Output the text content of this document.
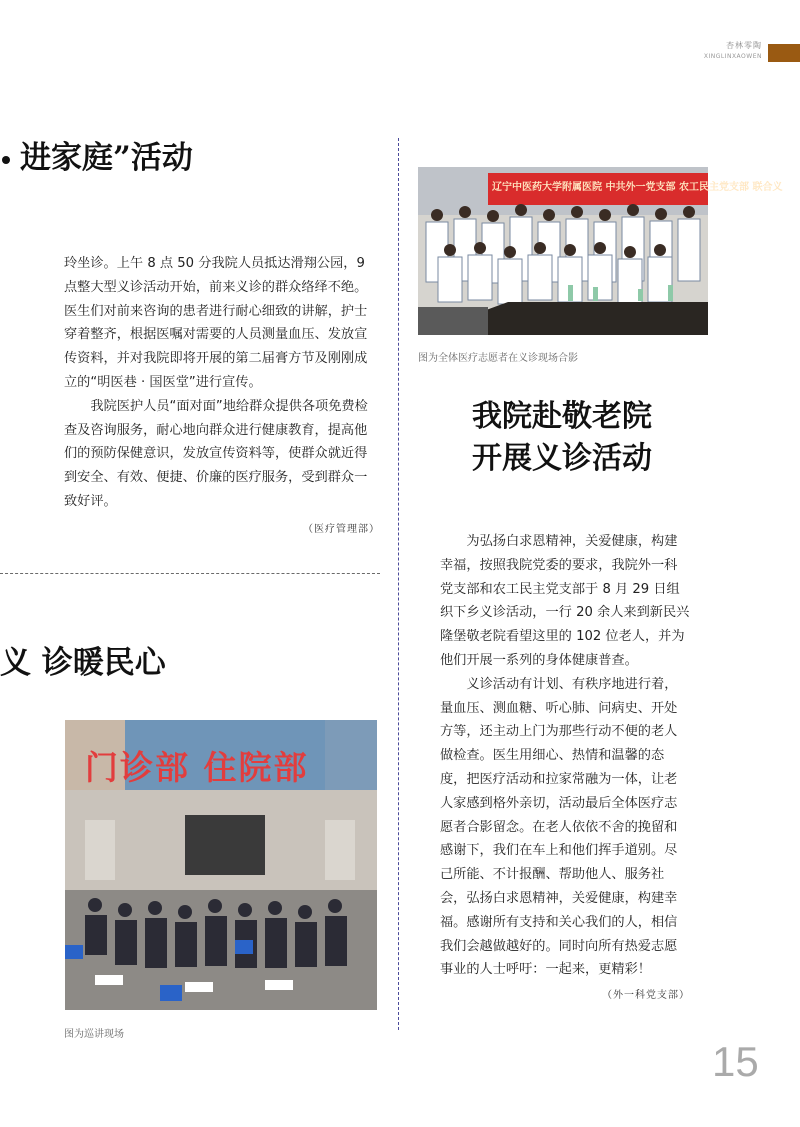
杏林零陶
XINGLINXAOWEN
进家庭”活动

玲坐诊。上午 8 点 50 分我院人员抵达滑翔公园，9 点整大型义诊活动开始，前来义诊的群众络绎不绝。医生们对前来咨询的患者进行耐心细致的讲解，护士穿着整齐，根据医嘱对需要的人员测量血压、发放宣传资料，并对我院即将开展的第二届膏方节及刚刚成立的“明医巷 · 国医堂”进行宣传。

我院医护人员“面对面”地给群众提供各项免费检查及咨询服务，耐心地向群众进行健康教育，提高他们的预防保健意识，发放宣传资料等，使群众就近得到安全、有效、便捷、价廉的医疗服务，受到群众一致好评。

（医疗管理部）
义 诊暖民心
门诊部 住院部
图为巡讲现场
辽宁中医药大学附属医院 中共外一党支部 农工民主党支部 联合义
图为全体医疗志愿者在义诊现场合影
我院赴敬老院
开展义诊活动

为弘扬白求恩精神，关爱健康，构建幸福，按照我院党委的要求，我院外一科党支部和农工民主党支部于 8 月 29 日组织下乡义诊活动，一行 20 余人来到新民兴隆堡敬老院看望这里的 102 位老人，并为他们开展一系列的身体健康普查。

义诊活动有计划、有秩序地进行着，量血压、测血糖、听心肺、问病史、开处方等，还主动上门为那些行动不便的老人做检查。医生用细心、热情和温馨的态度，把医疗活动和拉家常融为一体，让老人家感到格外亲切，活动最后全体医疗志愿者合影留念。在老人依依不舍的挽留和感谢下，我们在车上和他们挥手道别。尽己所能、不计报酬、帮助他人、服务社会，弘扬白求恩精神，关爱健康，构建幸福。感谢所有支持和关心我们的人，相信我们会越做越好的。同时向所有热爱志愿事业的人士呼吁：一起来，更精彩！

（外一科党支部）
15
